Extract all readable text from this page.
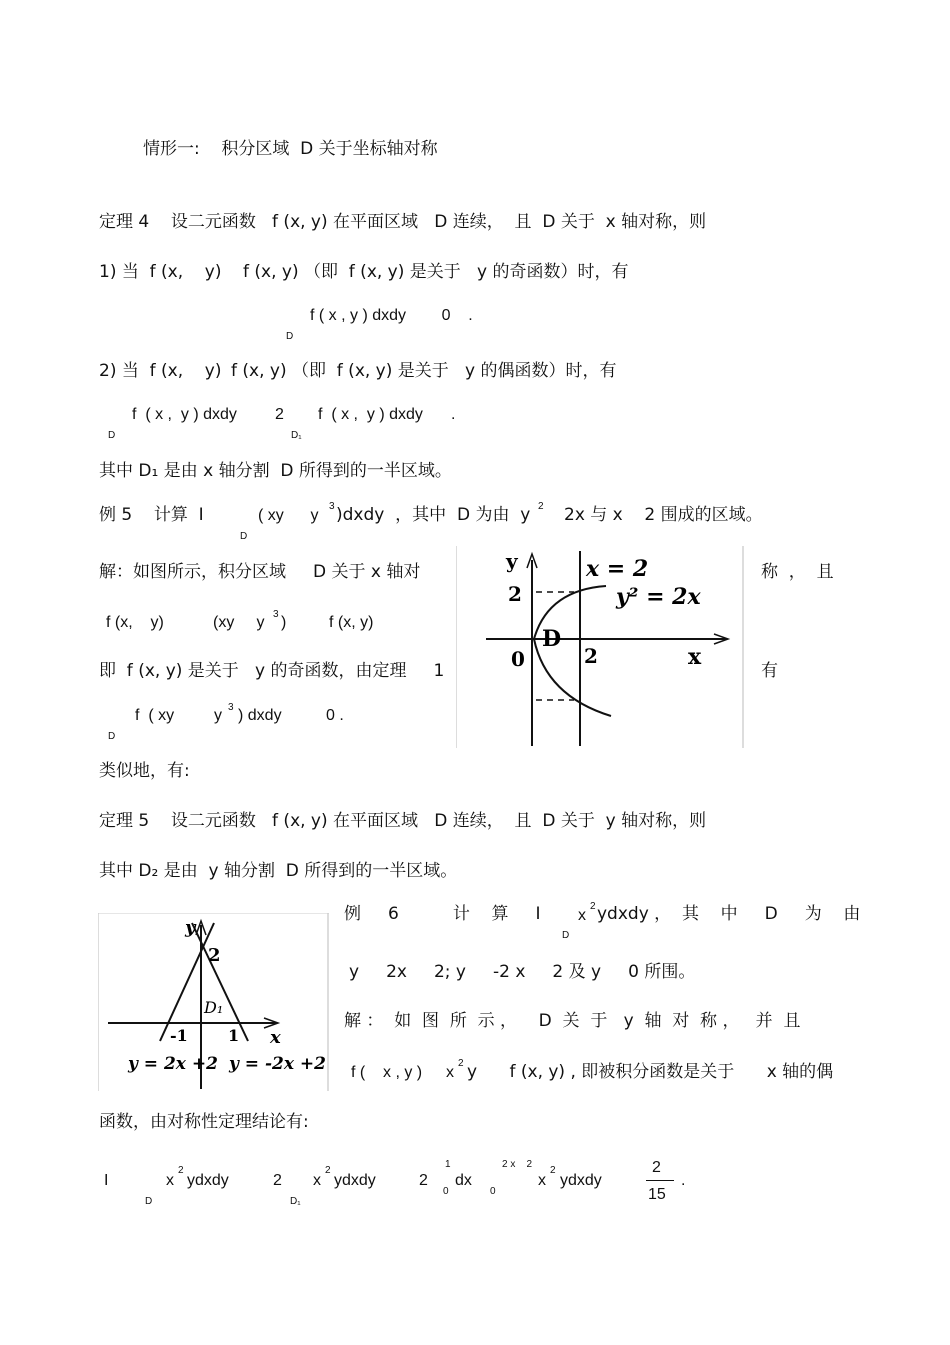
情形一:    积分区域  D 关于坐标轴对称
定理 4    设二元函数   f (x, y) 在平面区域   D 连续，  且  D 关于  x 轴对称，则
1) 当  f (x,    y) f (x, y) （即  f (x, y) 是关于   y 的奇函数）时，有
f ( x , y ) dxdy        0    .
D
2) 当  f (x,    y) f (x, y) （即  f (x, y) 是关于   y 的偶函数）时，有
f  ( x ,  y ) dxdy
D
2 f  ( x ,  y ) dxdy
D₁
.
其中 D₁ 是由 x 轴分割  D 所得到的一半区域。
例 5    计算  I	( xy      y
3 )dxdy  ，其中  D 为由  y 2 2x 与 x    2 围成的区域。
D
解：如图所示，积分区域     D 关于 x 轴对	称  ，  且
f (x,    y)	(xy     y 3 )	f (x, y)
即  f (x, y) 是关于   y 的奇函数，由定理     1	有
f  ( xy y 3 ) dxdy          0 .
D
y
x
2
0	2
D
x = 2
y² = 2x
类似地，有:
定理 5    设二元函数   f (x, y) 在平面区域   D 连续，  且  D 关于  y 轴对称，则
其中 D₂ 是由  y 轴分割  D 所得到的一半区域。
y
2
D₁
-1	1 x
y = 2x +2 y = -2x +2
例     6          计    算     I x
2 ydxdy ，  其    中     D     为    由
D
y     2x     2; y     -2 x     2 及 y     0 所围。
解 ：  如  图  所  示 ，    D  关  于   y  轴  对  称 ，   并  且
f (    x , y ) x
2 y      f (x, y) , 即被积分函数是关于      x 轴的偶
函数，由对称性定理结论有:
I	x
2
ydxdy
D
2 x
2
ydxdy
D₁
2
1
0
dx
2 x    2
0
x
2
ydxdy
2
15
.
